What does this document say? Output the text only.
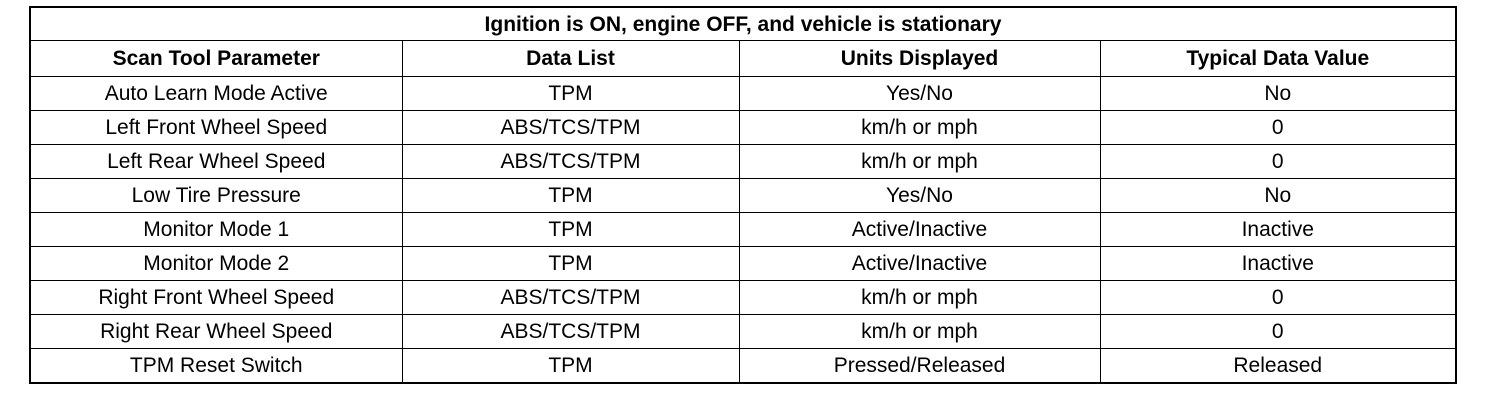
Ignition is ON, engine OFF, and vehicle is stationary			
Scan Tool Parameter	Data List	Units Displayed	Typical Data Value
Auto Learn Mode Active	TPM	Yes/No	No
Left Front Wheel Speed	ABS/TCS/TPM	km/h or mph	0
Left Rear Wheel Speed	ABS/TCS/TPM	km/h or mph	0
Low Tire Pressure	TPM	Yes/No	No
Monitor Mode 1	TPM	Active/Inactive	Inactive
Monitor Mode 2	TPM	Active/Inactive	Inactive
Right Front Wheel Speed	ABS/TCS/TPM	km/h or mph	0
Right Rear Wheel Speed	ABS/TCS/TPM	km/h or mph	0
TPM Reset Switch	TPM	Pressed/Released	Released
